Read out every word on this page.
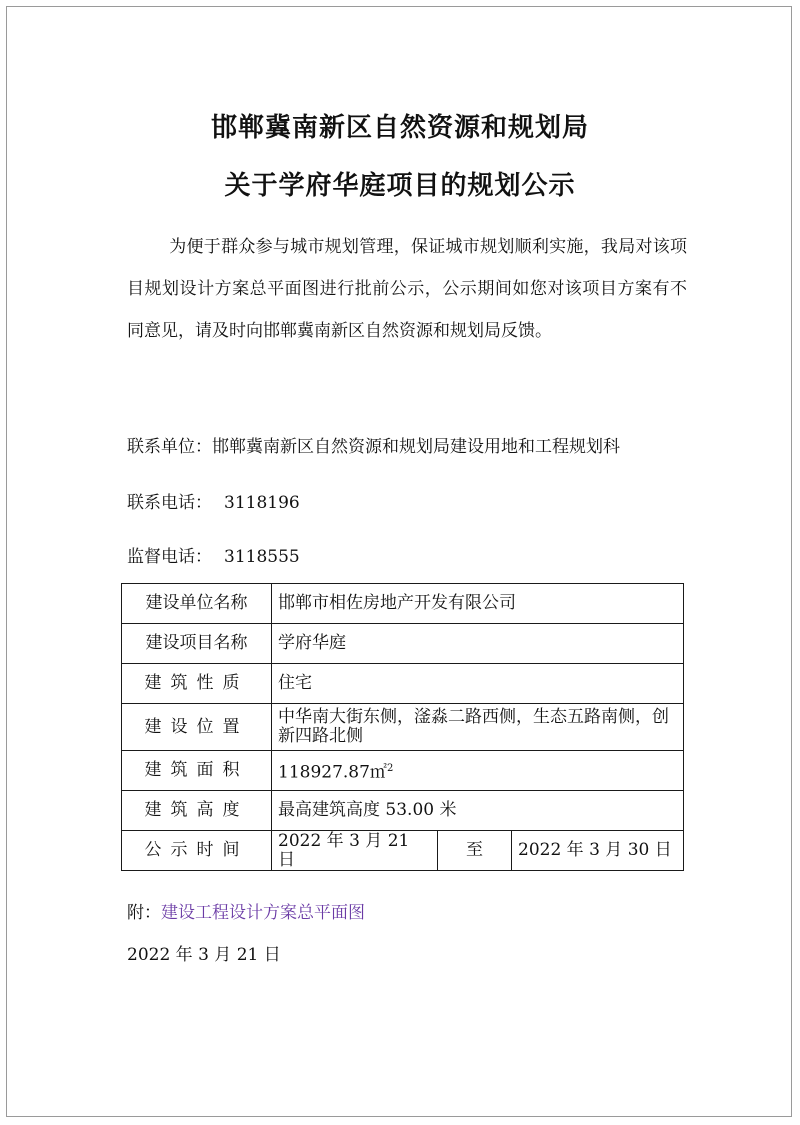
邯郸冀南新区自然资源和规划局
关于学府华庭项目的规划公示

为便于群众参与城市规划管理，保证城市规划顺利实施，我局对该项目规划设计方案总平面图进行批前公示，公示期间如您对该项目方案有不同意见，请及时向邯郸冀南新区自然资源和规划局反馈。

联系单位：邯郸冀南新区自然资源和规划局建设用地和工程规划科

联系电话： 3118196

监督电话： 3118555

建设单位名称	邯郸市相佐房地产开发有限公司		
建设项目名称	学府华庭		
建筑性质	住宅		
建设位置	中华南大街东侧，滏淼二路西侧，生态五路南侧，创新四路北侧		
建筑面积	118927.87㎡$^2$
建筑高度	最高建筑高度 53.00 米		
公示时间	2022 年 3 月 21 日	至	2022 年 3 月 30 日

附：建设工程设计方案总平面图

2022 年 3 月 21 日
